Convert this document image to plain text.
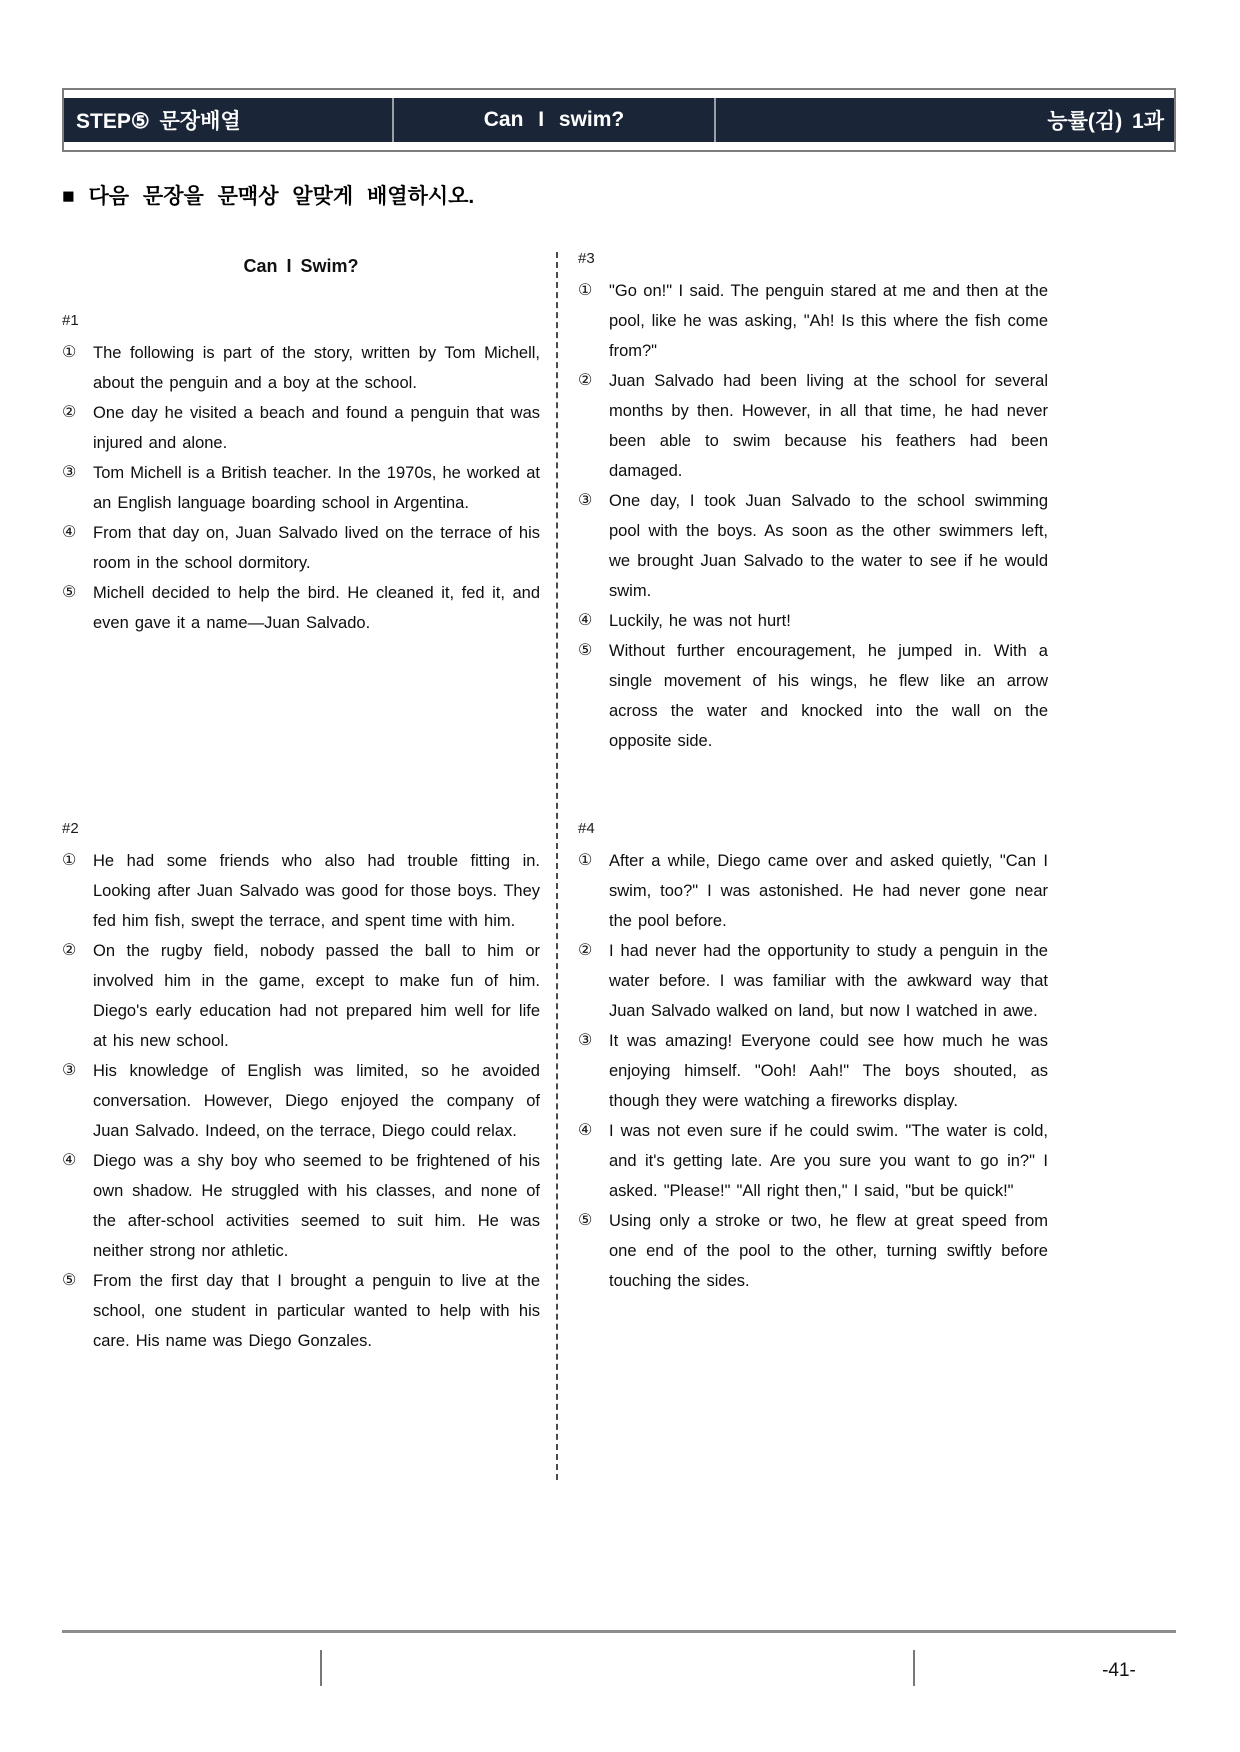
STEP⑤ 문장배열	Can I swim?	능률(김) 1과
■ 다음 문장을 문맥상 알맞게 배열하시오.
Can I Swim?
#1
① The following is part of the story, written by Tom Michell, about the penguin and a boy at the school.
② One day he visited a beach and found a penguin that was injured and alone.
③ Tom Michell is a British teacher. In the 1970s, he worked at an English language boarding school in Argentina.
④ From that day on, Juan Salvado lived on the terrace of his room in the school dormitory.
⑤ Michell decided to help the bird. He cleaned it, fed it, and even gave it a name—Juan Salvado.
#2
① He had some friends who also had trouble fitting in. Looking after Juan Salvado was good for those boys. They fed him fish, swept the terrace, and spent time with him.
② On the rugby field, nobody passed the ball to him or involved him in the game, except to make fun of him. Diego's early education had not prepared him well for life at his new school.
③ His knowledge of English was limited, so he avoided conversation. However, Diego enjoyed the company of Juan Salvado. Indeed, on the terrace, Diego could relax.
④ Diego was a shy boy who seemed to be frightened of his own shadow. He struggled with his classes, and none of the after-school activities seemed to suit him. He was neither strong nor athletic.
⑤ From the first day that I brought a penguin to live at the school, one student in particular wanted to help with his care. His name was Diego Gonzales.
#3
① "Go on!" I said. The penguin stared at me and then at the pool, like he was asking, "Ah! Is this where the fish come from?"
② Juan Salvado had been living at the school for several months by then. However, in all that time, he had never been able to swim because his feathers had been damaged.
③ One day, I took Juan Salvado to the school swimming pool with the boys. As soon as the other swimmers left, we brought Juan Salvado to the water to see if he would swim.
④ Luckily, he was not hurt!
⑤ Without further encouragement, he jumped in. With a single movement of his wings, he flew like an arrow across the water and knocked into the wall on the opposite side.
#4
① After a while, Diego came over and asked quietly, "Can I swim, too?" I was astonished. He had never gone near the pool before.
② I had never had the opportunity to study a penguin in the water before. I was familiar with the awkward way that Juan Salvado walked on land, but now I watched in awe.
③ It was amazing! Everyone could see how much he was enjoying himself. "Ooh! Aah!" The boys shouted, as though they were watching a fireworks display.
④ I was not even sure if he could swim. "The water is cold, and it's getting late. Are you sure you want to go in?" I asked. "Please!" "All right then," I said, "but be quick!"
⑤ Using only a stroke or two, he flew at great speed from one end of the pool to the other, turning swiftly before touching the sides.
-41-
